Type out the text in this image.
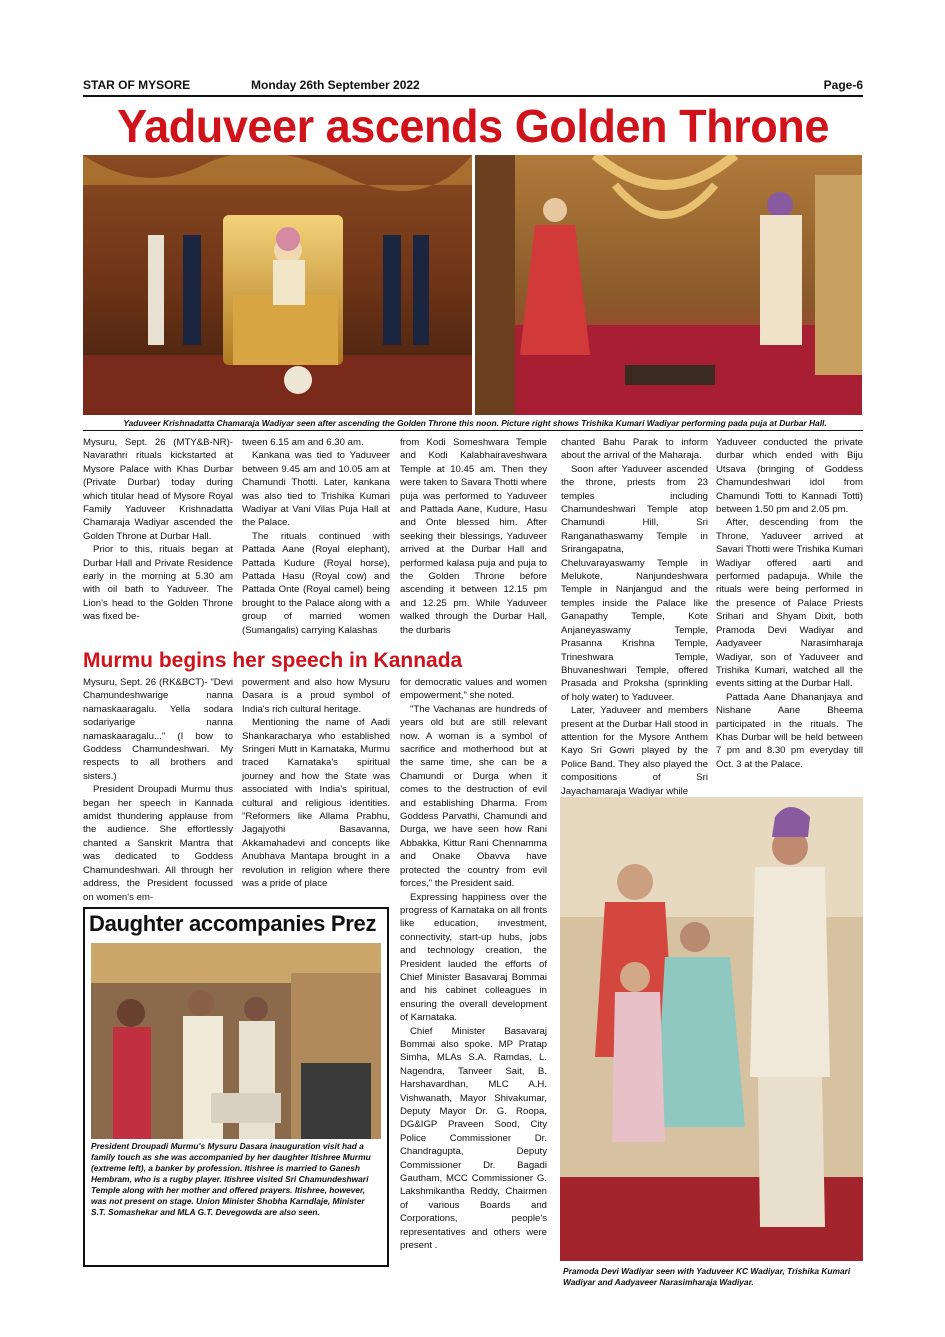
STAR OF MYSORE	Monday 26th September 2022	Page-6
Yaduveer ascends Golden Throne
Yaduveer Krishnadatta Chamaraja Wadiyar seen after ascending the Golden Throne this noon. Picture right shows Trishika Kumari Wadiyar performing pada puja at Durbar Hall.

Mysuru, Sept. 26 (MTY&B-NR)- Navarathri rituals kickstarted at Mysore Palace with Khas Durbar (Private Durbar) today during which titular head of Mysore Royal Family Yaduveer Krishnadatta Chamaraja Wadiyar ascended the Golden Throne at Durbar Hall.

Prior to this, rituals began at Durbar Hall and Private Residence early in the morning at 5.30 am with oil bath to Yaduveer. The Lion's head to the Golden Throne was fixed be-

tween 6.15 am and 6.30 am.

Kankana was tied to Yaduveer between 9.45 am and 10.05 am at Chamundi Thotti. Later, kankana was also tied to Trishika Kumari Wadiyar at Vani Vilas Puja Hall at the Palace.

The rituals continued with Pattada Aane (Royal elephant), Pattada Kudure (Royal horse), Pattada Hasu (Royal cow) and Pattada Onte (Royal camel) being brought to the Palace along with a group of married women (Sumangalis) carrying Kalashas

from Kodi Someshwara Temple and Kodi Kalabhairaveshwara Temple at 10.45 am. Then they were taken to Savara Thotti where puja was performed to Yaduveer and Pattada Aane, Kudure, Hasu and Onte blessed him. After seeking their blessings, Yaduveer arrived at the Durbar Hall and performed kalasa puja and puja to the Golden Throne before ascending it between 12.15 pm and 12.25 pm. While Yaduveer walked through the Durbar Hall, the durbaris

chanted Bahu Parak to inform about the arrival of the Maharaja.

Soon after Yaduveer ascended the throne, priests from 23 temples including Chamundeshwari Temple atop Chamundi Hill, Sri Ranganathaswamy Temple in Srirangapatna, Cheluvarayaswamy Temple in Melukote, Nanjundeshwara Temple in Nanjangud and the temples inside the Palace like Ganapathy Temple, Kote Anjaneyaswamy Temple, Prasanna Krishna Temple, Trineshwara Temple, Bhuvaneshwari Temple, offered Prasada and Proksha (sprinkling of holy water) to Yaduveer.

Later, Yaduveer and members present at the Durbar Hall stood in attention for the Mysore Anthem Kayo Sri Gowri played by the Police Band. They also played the compositions of Sri Jayachamaraja Wadiyar while

Yaduveer conducted the private durbar which ended with Biju Utsava (bringing of Goddess Chamundeshwari idol from Chamundi Totti to Kannadi Totti) between 1.50 pm and 2.05 pm.

After, descending from the Throne, Yaduveer arrived at Savari Thotti were Trishika Kumari Wadiyar offered aarti and performed padapuja. While the rituals were being performed in the presence of Palace Priests Srihari and Shyam Dixit, both Pramoda Devi Wadiyar and Aadyaveer Narasimharaja Wadiyar, son of Yaduveer and Trishika Kumari, watched all the events sitting at the Durbar Hall.

Pattada Aane Dhananjaya and Nishane Aane Bheema participated in the rituals. The Khas Durbar will be held between 7 pm and 8.30 pm everyday till Oct. 3 at the Palace.

Murmu begins her speech in Kannada

Mysuru, Sept. 26 (RK&BCT)- "Devi Chamundeshwarige nanna namaskaaragalu. Yella sodara sodariyarige nanna namaskaaragalu..." (I bow to Goddess Chamundeshwari. My respects to all brothers and sisters.)

President Droupadi Murmu thus began her speech in Kannada amidst thundering applause from the audience. She effortlessly chanted a Sanskrit Mantra that was dedicated to Goddess Chamundeshwari. All through her address, the President focussed on women's em-

powerment and also how Mysuru Dasara is a proud symbol of India's rich cultural heritage.

Mentioning the name of Aadi Shankaracharya who established Sringeri Mutt in Karnataka, Murmu traced Karnataka's spiritual journey and how the State was associated with India's spiritual, cultural and religious identities. "Reformers like Allama Prabhu, Jagajyothi Basavanna, Akkamahadevi and concepts like Anubhava Mantapa brought in a revolution in religion where there was a pride of place

for democratic values and women empowerment," she noted.

"The Vachanas are hundreds of years old but are still relevant now. A woman is a symbol of sacrifice and motherhood but at the same time, she can be a Chamundi or Durga when it comes to the destruction of evil and establishing Dharma. From Goddess Parvathi, Chamundi and Durga, we have seen how Rani Abbakka, Kittur Rani Chennamma and Onake Obavva have protected the country from evil forces," the President said.

Expressing happiness over the progress of Karnataka on all fronts like education, investment, connectivity, start-up hubs, jobs and technology creation, the President lauded the efforts of Chief Minister Basavaraj Bommai and his cabinet colleagues in ensuring the overall development of Karnataka.

Chief Minister Basavaraj Bommai also spoke. MP Pratap Simha, MLAs S.A. Ramdas, L. Nagendra, Tanveer Sait, B. Harshavardhan, MLC A.H. Vishwanath, Mayor Shivakumar, Deputy Mayor Dr. G. Roopa, DG&IGP Praveen Sood, City Police Commissioner Dr. Chandragupta, Deputy Commissioner Dr. Bagadi Gautham, MCC Commissioner G. Lakshmikantha Reddy, Chairmen of various Boards and Corporations, people's representatives and others were present .

Daughter accompanies Prez
President Droupadi Murmu's Mysuru Dasara inauguration visit had a family touch as she was accompanied by her daughter Itishree Murmu (extreme left), a banker by profession. Itishree is married to Ganesh Hembram, who is a rugby player. Itishree visited Sri Chamundeshwari Temple along with her mother and offered prayers. Itishree, however, was not present on stage. Union Minister Shobha Karndlaje, Minister S.T. Somashekar and MLA G.T. Devegowda are also seen.
Pramoda Devi Wadiyar seen with Yaduveer KC Wadiyar, Trishika Kumari Wadiyar and Aadyaveer Narasimharaja Wadiyar.
